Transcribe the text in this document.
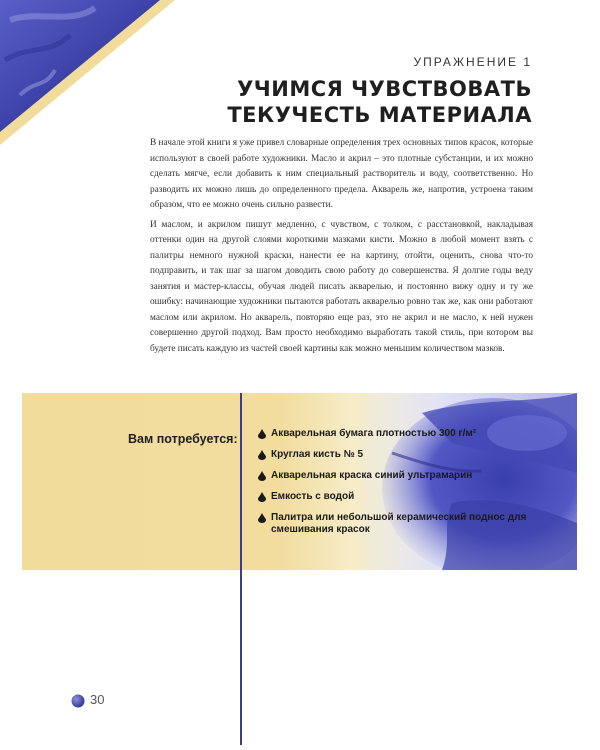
УПРАЖНЕНИЕ 1
УЧИМСЯ ЧУВСТВОВАТЬ
ТЕКУЧЕСТЬ МАТЕРИАЛА

В начале этой книги я уже привел словарные определения трех основных типов красок, которые используют в своей работе художники. Масло и акрил – это плотные субстанции, и их можно сделать мягче, если добавить к ним специальный растворитель и воду, соответственно. Но разводить их можно лишь до определенного предела. Акварель же, напротив, устроена таким образом, что ее можно очень сильно развести.

И маслом, и акрилом пишут медленно, с чувством, с толком, с расстановкой, накладывая оттенки один на другой слоями короткими мазками кисти. Можно в любой момент взять с палитры немного нужной краски, нанести ее на картину, отойти, оценить, снова что-то подправить, и так шаг за шагом доводить свою работу до совершенства. Я долгие годы веду занятия и мастер-классы, обучая людей писать акварелью, и постоянно вижу одну и ту же ошибку: начинающие художники пытаются работать акварелью ровно так же, как они работают маслом или акрилом. Но акварель, повторяю еще раз, это не акрил и не масло, к ней нужен совершенно другой подход. Вам просто необходимо выработать такой стиль, при котором вы будете писать каждую из частей своей картины как можно меньшим количеством мазков.

Вам потребуется:	Акварельная бумага плотностью 300 г/м²
Круглая кисть № 5
Акварельная краска синий ультрамарин
Емкость с водой
Палитра или небольшой керамический поднос для смешивания красок
30
